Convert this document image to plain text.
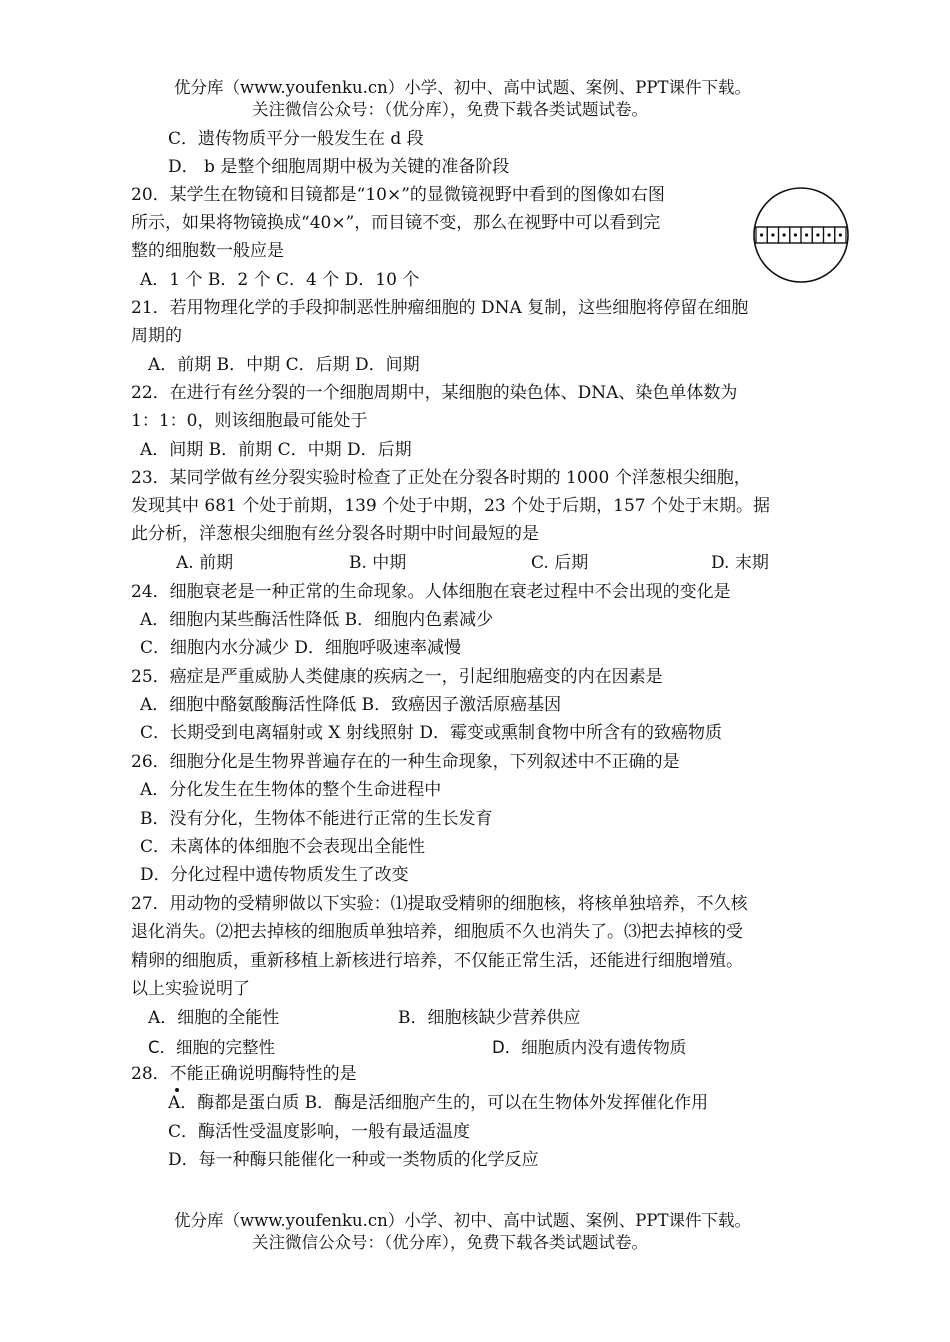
优分库（www.youfenku.cn）小学、初中、高中试题、案例、PPT课件下载。
关注微信公众号：（优分库），免费下载各类试题试卷。
C．遗传物质平分一般发生在 d 段
D． b 是整个细胞周期中极为关键的准备阶段
20．某学生在物镜和目镜都是“10×”的显微镜视野中看到的图像如右图
所示，如果将物镜换成“40×”，而目镜不变，那么在视野中可以看到完
整的细胞数一般应是
A．1 个 B．2 个 C．4 个 D．10 个
21．若用物理化学的手段抑制恶性肿瘤细胞的 DNA 复制，这些细胞将停留在细胞
周期的
A．前期 B．中期 C．后期 D．间期
22．在进行有丝分裂的一个细胞周期中，某细胞的染色体、DNA、染色单体数为
1：1：0，则该细胞最可能处于
A．间期 B．前期 C．中期 D．后期
23．某同学做有丝分裂实验时检查了正处在分裂各时期的 1000 个洋葱根尖细胞，
发现其中 681 个处于前期，139 个处于中期，23 个处于后期，157 个处于末期。据
此分析，洋葱根尖细胞有丝分裂各时期中时间最短的是
A. 前期	B. 中期	C. 后期	D. 末期
24．细胞衰老是一种正常的生命现象。人体细胞在衰老过程中不会出现的变化是
A．细胞内某些酶活性降低 B．细胞内色素减少
C．细胞内水分减少 D．细胞呼吸速率减慢
25．癌症是严重威胁人类健康的疾病之一，引起细胞癌变的内在因素是
A．细胞中酪氨酸酶活性降低 B．致癌因子激活原癌基因
C．长期受到电离辐射或 X 射线照射 D．霉变或熏制食物中所含有的致癌物质
26．细胞分化是生物界普遍存在的一种生命现象，下列叙述中不正确的是
A．分化发生在生物体的整个生命进程中
B．没有分化，生物体不能进行正常的生长发育
C．未离体的体细胞不会表现出全能性
D．分化过程中遗传物质发生了改变
27．用动物的受精卵做以下实验：⑴提取受精卵的细胞核，将核单独培养，不久核
退化消失。⑵把去掉核的细胞质单独培养，细胞质不久也消失了。⑶把去掉核的受
精卵的细胞质，重新移植上新核进行培养，不仅能正常生活，还能进行细胞增殖。
以上实验说明了
A．细胞的全能性	B．细胞核缺少营养供应
C．细胞的完整性	D．细胞质内没有遗传物质
28．不能正确说明酶特性的是
A．酶都是蛋白质 B．酶是活细胞产生的，可以在生物体外发挥催化作用
C．酶活性受温度影响，一般有最适温度
D．每一种酶只能催化一种或一类物质的化学反应
优分库（www.youfenku.cn）小学、初中、高中试题、案例、PPT课件下载。
关注微信公众号：（优分库），免费下载各类试题试卷。
